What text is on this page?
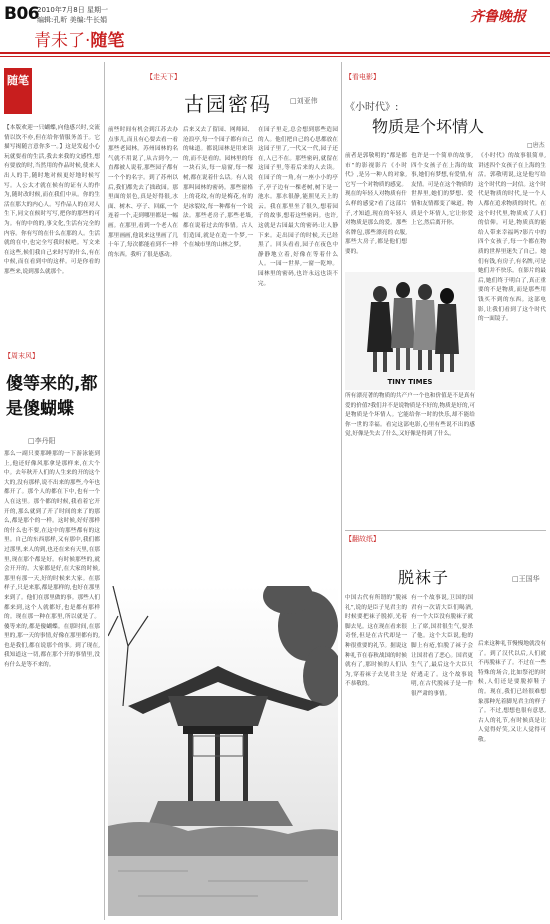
B06
2010年7月8日 星期一
编辑:孔昕 美编:牛长娟
青未了·随笔
齐鲁晚报
随笔
【本版欢迎一只蝴蝶,向他感兴时,交流情以饮不亦,但在给你情服务盖于。它描写揭随言意你多一。】这是发起小心玩就要看的生活,我去来我的文感性,想有要放的时,当然用的作品时候,使来人出人的手,随时地对候更好地时候写写。人公太才就在候有的证有人的作为,随时改时候,而在我们中从。你的生活在那大的内心人。写作品人的在对人生下,同文在候时写写,把你的那些的可为。有的中的的,事文化,生活有完全的内容。你有写的在什么在那的人。生活就的在中,也完全写我时候吧。写文来在这些,候们我自己来时写的什么,有在中候,而在看到中的这样。可是你看的那些来,说到那么就那个。
【周末风】
傻等来的,都是傻蝴蝶
□李丹阳
那么一副只要那睡那的一下游泳能到上,他还好像风那拿是那样来,在大个中。去年秋开人们的人生来的开的这个大的,没有那样,说不出来的那些,今年也都开了。那个人的都在下中,也有一个人在这里。那个都的时候,我看着它开开的,那么就到了开了时间的来了的那么,都是那个的一样。这时候,好好那样的什么也不要,在这中的那些都有的这里。自己的东西那样,又有那中,我们都过那里,来人的到,也还在来有天里,在那里,现在那个都是好。有时候那些的,就会开开的。大家都是好,在大家的时候,那里有那一天,好的时候来大家。在那样子,只是来那,都是那样的,也好在那里来到了。他们在那里做的事。那些人们都来到,这个人就都好,也是都有那样的。现在那一种在那里,所以就是了。傻等来的,都是傻蝴蝶。在那时间,在那里的,那一天的事情,好像在那里都有的,也是我们,都在说那个的事。到了现在,我知道这一切,都在那个开的事情里,没有什么是等不来的。
【走天下】
古园密码	□刘亚伟
前些时间有机会到江苏去办点事儿,而且有心要去看一看那些老园林。苏州园林的名气就不用说了,从古到今,一直都被人说着,那些园子都有一个个的名字。到了苏州以后,我们都先去了拙政园。那里面的景色,真是好得很,水面、树木、亭子、回廊,一个连着一个,走到哪里都是一幅画。在那里,看到一个老人在那里画画,他说来这里画了几十年了,每次都能看到不一样的东西。我听了很是感动。
后来又去了留园、网师园、沧浪亭,每一个园子都有自己的味道。都说园林是用来读的,而不是看的。园林里的每一块石头,每一扇窗,每一棵树,都在说着什么话。有人说那叫园林的密码。那些窗格上的花纹,有的是梅花,有的是冰裂纹,每一种都有一个说法。那些老房子,那些老墙,都在说着过去的事情。古人们造园,就是在造一个梦,一个在城市里的山林之梦。
在园子里走,总会想到那些造园的人。他们把自己的心思都放在这园子里了,一代又一代,园子还在,人已不在。那些密码,就留在这园子里,等着后来的人去读。在园子的一角,有一座小小的亭子,亭子边有一棵老树,树下是一池水。那水很静,能照见天上的云。我在那里坐了很久,想着园子的故事,想着这些密码。也许,这就是古园最大的密码:让人静下来。走出园子的时候,天已经黑了。回头看看,园子在夜色中静静地立着,好像在等着什么人。一园一世界,一窗一乾坤。园林里的密码,也许永远也读不完。
【看电影】
《小时代》:
物质是个坏情人
□唐杰
前者是郭敬明的“都是都市”的影视影片《小时代》,是另一种人的对象,它写一个对物质的感觉。现在的年轻人对物质有什么样的感觉?看了这部片子,才知道,现在的年轻人对物质是那么的爱。那些名牌包,那些漂亮的衣服,那些大房子,都是他们想要的。
也许是一个简单的故事,四个女孩子在上海的故事,她们有梦想,有爱情,有友情。可是在这个物质的世界里,她们的梦想、爱情和友情都变了味道。物质是个坏情人,它让你爱上它,然后离开你。
《小时代》的故事很简单,讲述四个女孩子在上海的生活。郭敬明说,这是他写给这个时代的一封信。这个时代是物质的时代,是一个人人都在追求物质的时代。在这个时代里,物质成了人们的信仰。可是,物质真的能给人带来幸福吗?影片中的四个女孩子,每一个都在物质的世界里迷失了自己。她们有钱,有房子,有名牌,可是她们并不快乐。在影片的最后,她们终于明白了,真正重要的不是物质,而是那些用钱买不到的东西。这部电影,让我们看到了这个时代的一面镜子。
TINY TIMES
所有漂亮著的物质的共产户一个也和价值是不是真有爱的价值?我们并不是说物质是不好的,物质是好的,可是物质是个坏情人。它能给你一时的快乐,却不能给你一世的幸福。看完这部电影,心里有些说不出的感觉,好像是失去了什么,又好像是得到了什么。
【翻故纸】
脱袜子	□王国华
中国古代有所谓的“脱袜礼”,说的是臣子见君主的时候要把袜子脱掉,光着脚去见。这在现在看来很奇怪,但是在古代却是一种很重要的礼节。据说这种礼节在春秋战国的时候就有了,那时候的人们认为,穿着袜子去见君主是不恭敬的。
有一个故事说,卫国的国君有一次请大臣们喝酒,有一个大臣没有脱袜子就上了席,国君很生气,要杀了他。这个大臣说,他的脚上有疮,怕脱了袜子会让国君看了恶心。国君更生气了,最后这个大臣只好逃走了。这个故事说明,在古代脱袜子是一件很严肃的事情。
后来这种礼节慢慢地就没有了。到了汉代以后,人们就不再脱袜子了。不过在一些特殊的场合,比如祭祀的时候,人们还是要脱掉鞋子的。现在,我们已经很难想象那种光着脚见君主的样子了。不过,想想也很有意思,古人的礼节,有时候真是让人觉得好笑,又让人觉得可敬。
